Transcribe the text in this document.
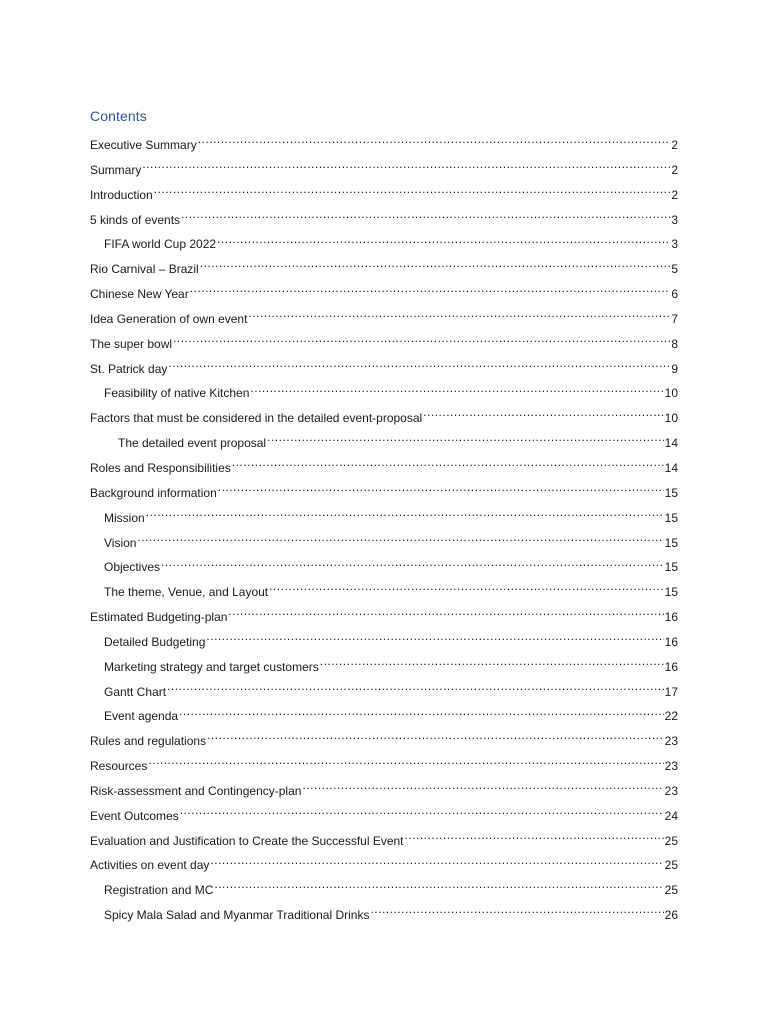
Contents
Executive Summary .....	2
Summary .....	2
Introduction .....	2
5 kinds of events .....	3
FIFA world Cup 2022 .....	3
Rio Carnival – Brazil .....	5
Chinese New Year .....	6
Idea Generation of own event .....	7
The super bowl .....	8
St. Patrick day .....	9
Feasibility of native Kitchen .....	10
Factors that must be considered in the detailed event-proposal .....	10
The detailed event proposal .....	14
Roles and Responsibilities .....	14
Background information .....	15
Mission .....	15
Vision .....	15
Objectives .....	15
The theme, Venue, and Layout .....	15
Estimated Budgeting-plan .....	16
Detailed Budgeting .....	16
Marketing strategy and target customers .....	16
Gantt Chart .....	17
Event agenda .....	22
Rules and regulations .....	23
Resources .....	23
Risk-assessment and Contingency-plan .....	23
Event Outcomes .....	24
Evaluation and Justification to Create the Successful Event .....	25
Activities on event day .....	25
Registration and MC .....	25
Spicy Mala Salad and Myanmar Traditional Drinks .....	26
